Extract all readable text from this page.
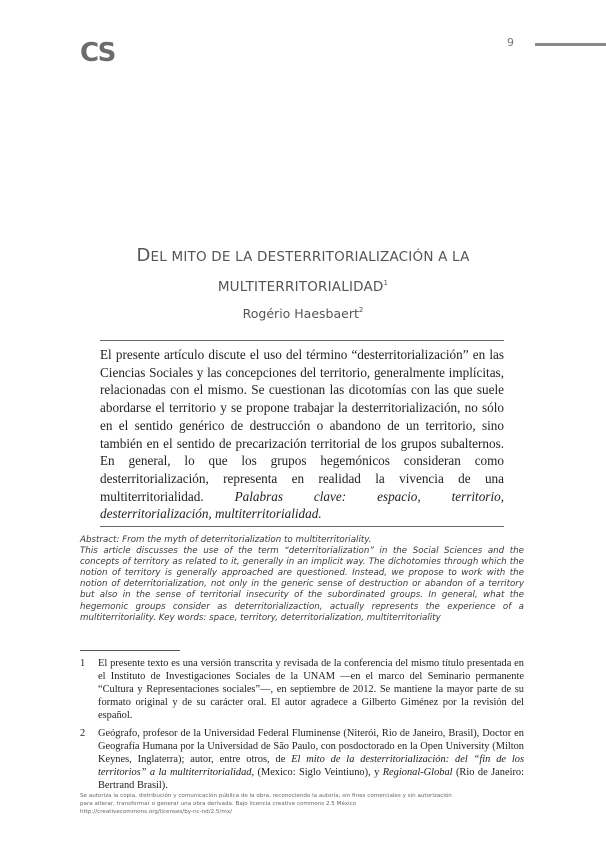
CS	9
DEL MITO DE LA DESTERRITORIALIZACIÓN A LA
MULTITERRITORIALIDAD$^1$
Rogério Haesbaert$^2$
El presente artículo discute el uso del término “desterritorialización” en las Ciencias Sociales y las concepciones del territorio, generalmente implícitas, relacionadas con el mismo. Se cuestionan las dicotomías con las que suele abordarse el territorio y se propone trabajar la desterritorialización, no sólo en el sentido genérico de destrucción o abandono de un territorio, sino también en el sentido de precarización territorial de los grupos subalternos. En general, lo que los grupos hegemónicos consideran como desterritorialización, representa en realidad la vivencia de una multiterritorialidad. Palabras clave: espacio, territorio, desterritorialización, multiterritorialidad.

Abstract: From the myth of deterritorialization to multiterritoriality.

This article discusses the use of the term “deterritorialization” in the Social Sciences and the concepts of territory as related to it, generally in an implicit way. The dichotomies through which the notion of territory is generally approached are questioned. Instead, we propose to work with the notion of deterritorialization, not only in the generic sense of destruction or abandon of a territory but also in the sense of territorial insecurity of the subordinated groups. In general, what the hegemonic groups consider as deterritorializaction, actually represents the experience of a multiterritoriality. Key words: space, territory, deterritorialization, multiterritoriality

1	El presente texto es una versión transcrita y revisada de la conferencia del mismo título presentada en el Instituto de Investigaciones Sociales de la UNAM —en el marco del Seminario permanente “Cultura y Representaciones sociales”—, en septiembre de 2012. Se mantiene la mayor parte de su formato original y de su carácter oral. El autor agradece a Gilberto Giménez por la revisión del español.
2	Geógrafo, profesor de la Universidad Federal Fluminense (Niterói, Rio de Janeiro, Brasil), Doctor en Geografía Humana por la Universidad de São Paulo, con posdoctorado en la Open University (Milton Keynes, Inglaterra); autor, entre otros, de El mito de la desterritorialización: del “fin de los territorios” a la multiterritorialidad, (Mexico: Siglo Veintiuno), y Regional-Global (Rio de Janeiro: Bertrand Brasil).

Se autoriza la copia, distribución y comunicación pública de la obra, reconociendo la autoría, sin fines comerciales y sin autorización

para alterar, transformar o generar una obra derivada. Bajo licencia creative commons 2.5 México

http://creativecommons.org/licenses/by-nc-nd/2.5/mx/
